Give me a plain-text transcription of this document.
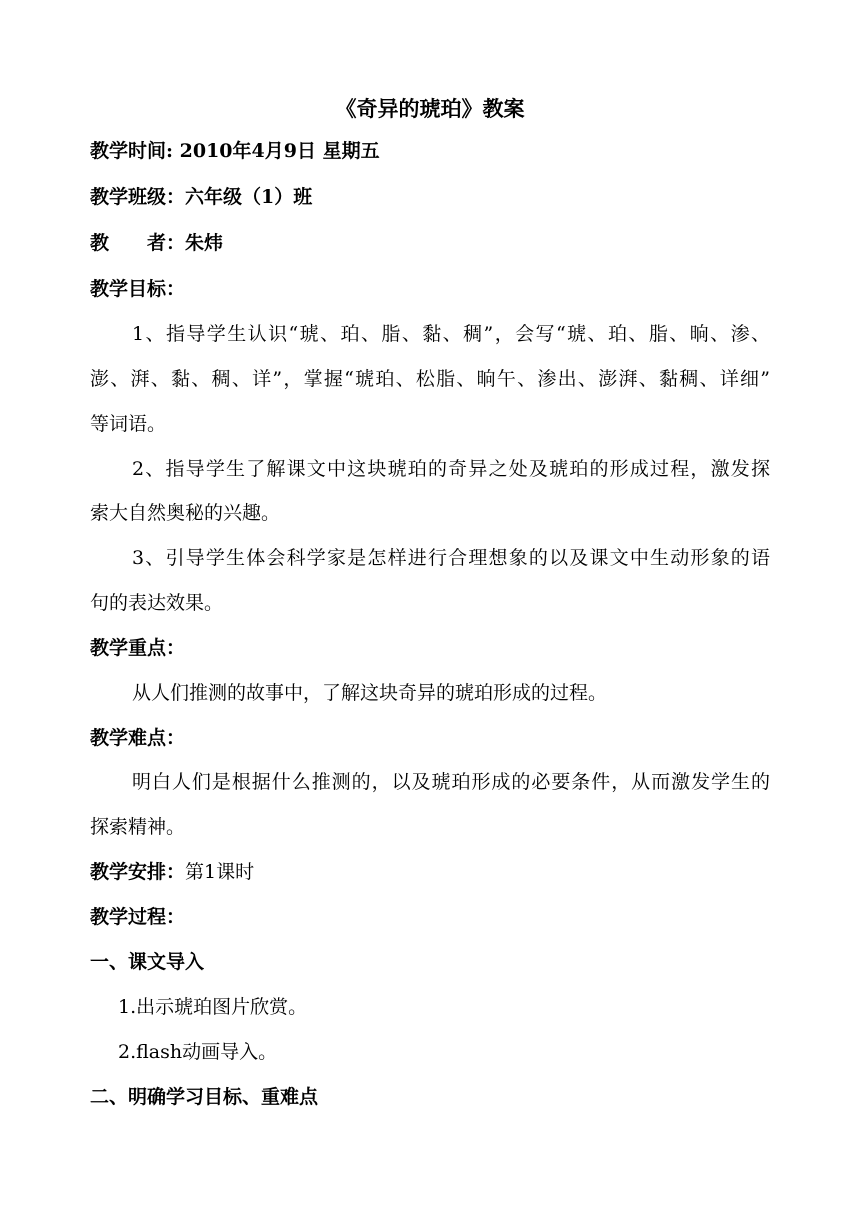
《奇异的琥珀》教案
教学时间: 2010年4月9日 星期五
教学班级：六年级（1）班
教　　者：朱炜
教学目标：
1、指导学生认识“琥、珀、脂、黏、稠”，会写“琥、珀、脂、晌、渗、
澎、湃、黏、稠、详”，掌握“琥珀、松脂、晌午、渗出、澎湃、黏稠、详细”
等词语。
2、指导学生了解课文中这块琥珀的奇异之处及琥珀的形成过程，激发探
索大自然奥秘的兴趣。
3、引导学生体会科学家是怎样进行合理想象的以及课文中生动形象的语
句的表达效果。
教学重点：
从人们推测的故事中，了解这块奇异的琥珀形成的过程。
教学难点：
明白人们是根据什么推测的，以及琥珀形成的必要条件，从而激发学生的
探索精神。
教学安排：第1课时
教学过程：
一、课文导入
1.出示琥珀图片欣赏。
2.flash动画导入。
二、明确学习目标、重难点
